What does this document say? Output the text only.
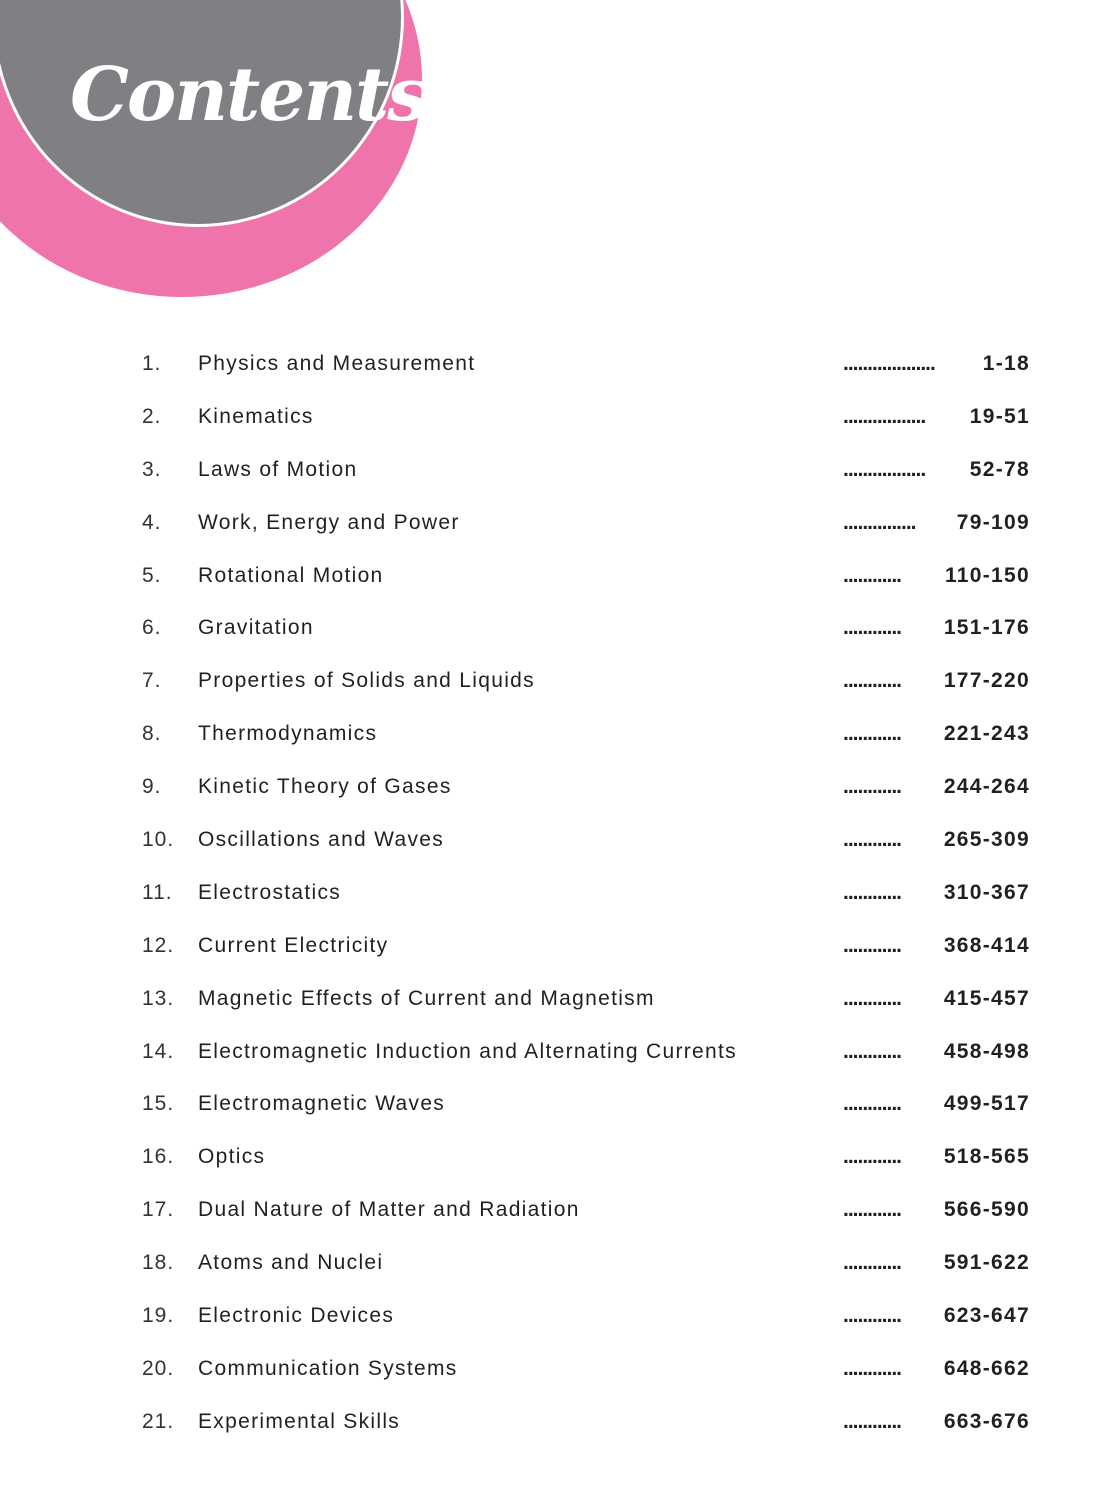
Contents
1. Physics and Measurement	................... 1-18
2. Kinematics	................. 19-51
3. Laws of Motion	................. 52-78
4. Work, Energy and Power	............... 79-109
5. Rotational Motion	............ 110-150
6. Gravitation	............ 151-176
7. Properties of Solids and Liquids	............ 177-220
8. Thermodynamics	............ 221-243
9. Kinetic Theory of Gases	............ 244-264
10. Oscillations and Waves	............ 265-309
11. Electrostatics	............ 310-367
12. Current Electricity	............ 368-414
13. Magnetic Effects of Current and Magnetism	............ 415-457
14. Electromagnetic Induction and Alternating Currents	............ 458-498
15. Electromagnetic Waves	............ 499-517
16. Optics	............ 518-565
17. Dual Nature of Matter and Radiation	............ 566-590
18. Atoms and Nuclei	............ 591-622
19. Electronic Devices	............ 623-647
20. Communication Systems	............ 648-662
21. Experimental Skills	............ 663-676
